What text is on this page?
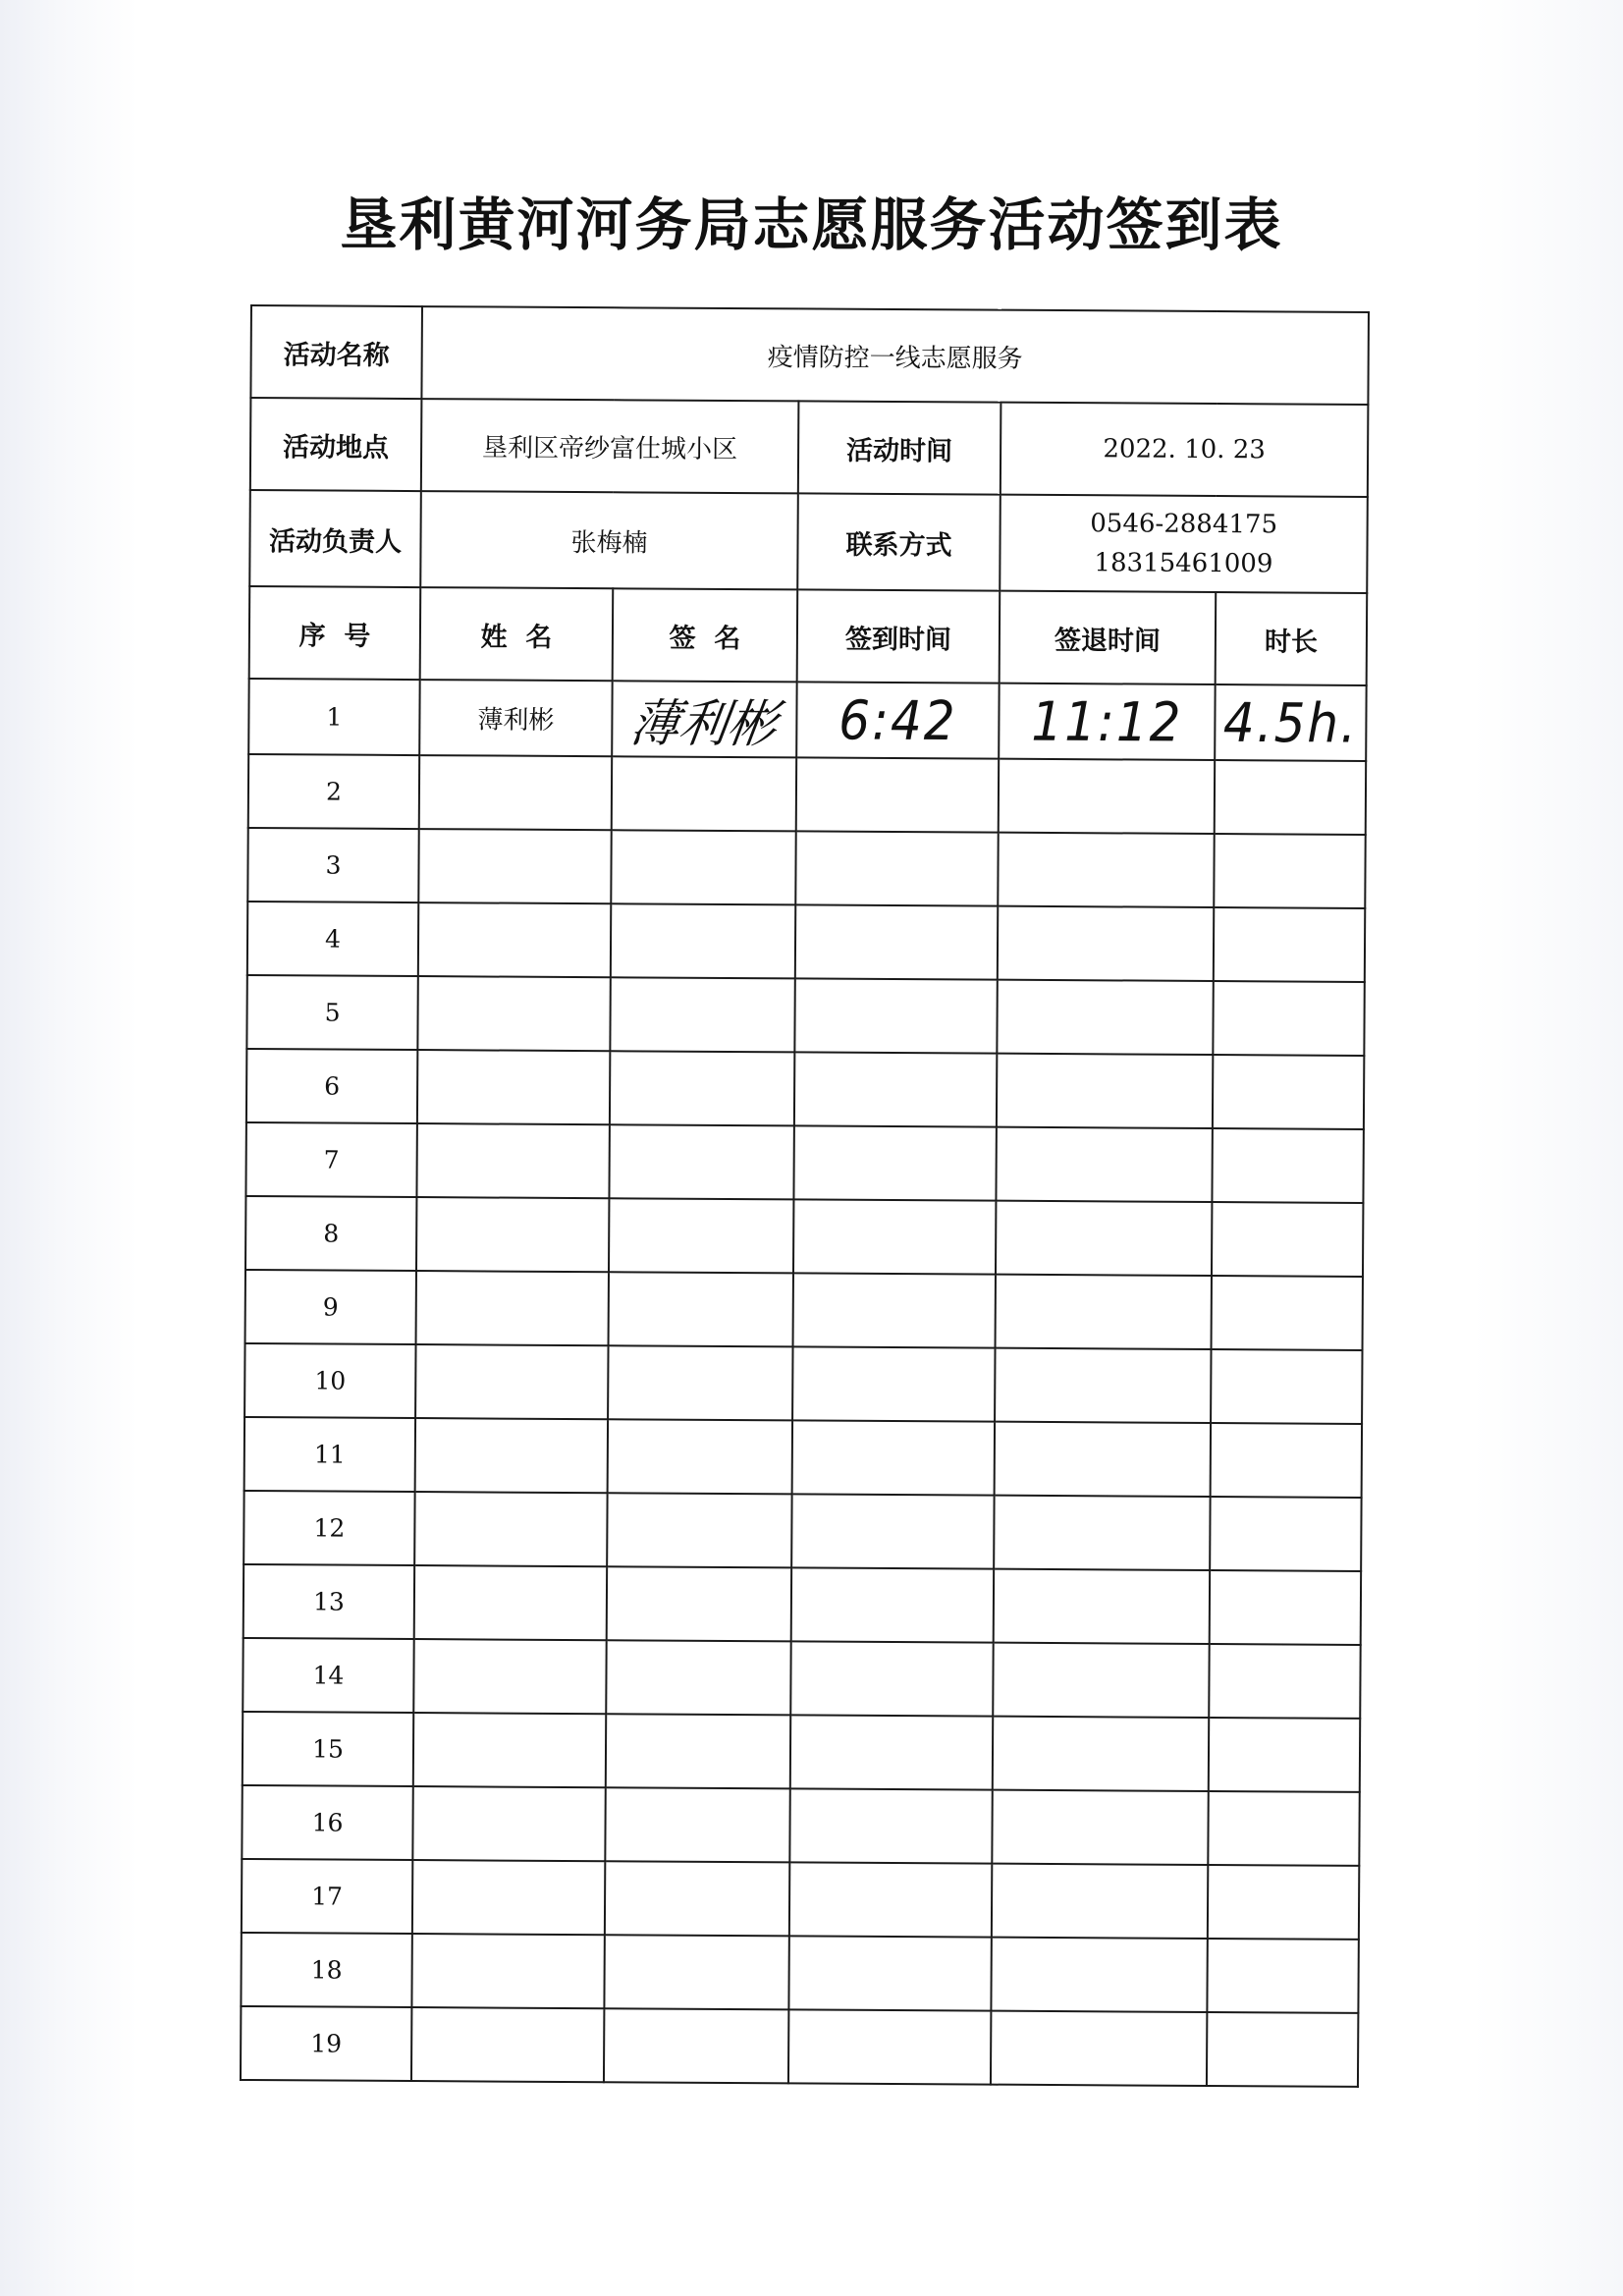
垦利黄河河务局志愿服务活动签到表
活动名称	疫情防控一线志愿服务				
活动地点	垦利区帝纱富仕城小区		活动时间	2022. 10. 23	
活动负责人	张梅楠		联系方式	0546-2884175
18315461009	

序  号	姓  名	签  名	签到时间	签退时间	时长
1	薄利彬	薄利彬	6:42	11:12	4.5h.
2					
3					
4					
5					
6					
7					
8					
9					
10					
11					
12					
13					
14					
15					
16					
17					
18					
19					
